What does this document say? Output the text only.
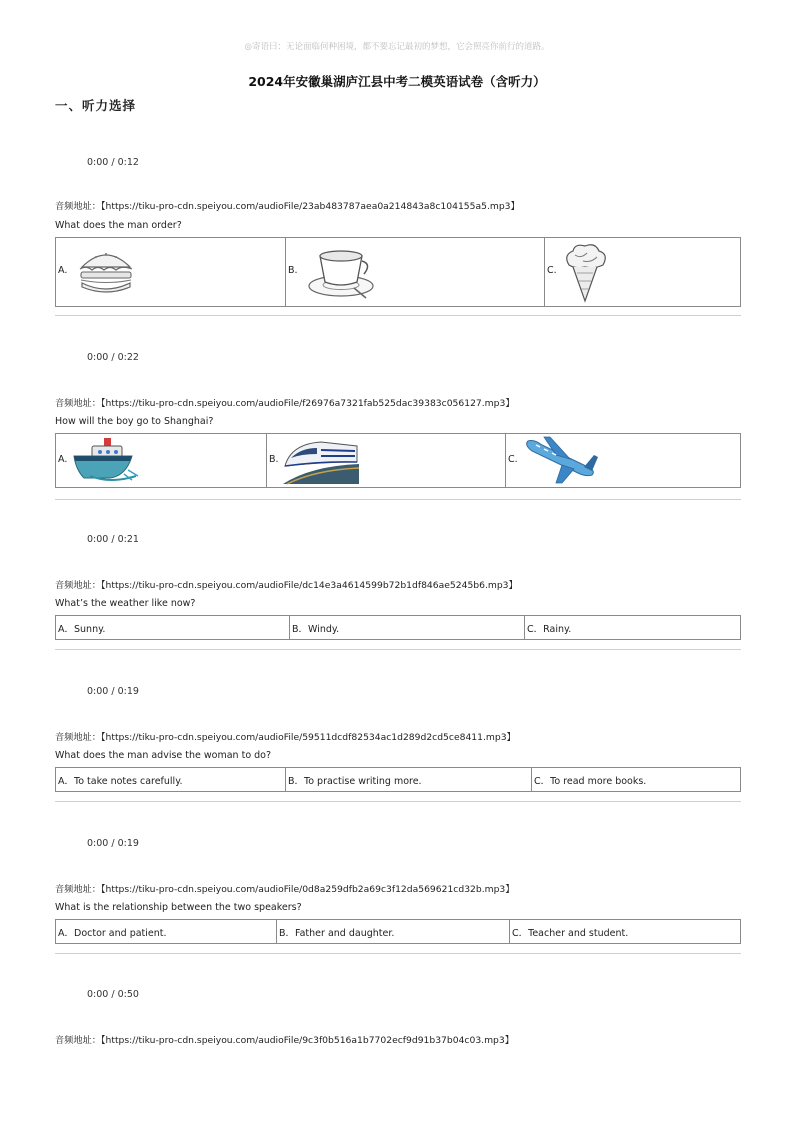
◎寄语曰：无论面临何种困境，都不要忘记最初的梦想，它会照亮你前行的道路。
2024年安徽巢湖庐江县中考二模英语试卷（含听力）
一、听力选择
0:00 / 0:12
音频地址：【https://tiku-pro-cdn.speiyou.com/audioFile/23ab483787aea0a214843a8c104155a5.mp3】
What does the man order?
A.	B.	C.
0:00 / 0:22
音频地址：【https://tiku-pro-cdn.speiyou.com/audioFile/f26976a7321fab525dac39383c056127.mp3】
How will the boy go to Shanghai?
A.	B.	C.
0:00 / 0:21
音频地址：【https://tiku-pro-cdn.speiyou.com/audioFile/dc14e3a4614599b72b1df846ae5245b6.mp3】
What’s the weather like now?
A．Sunny.	B．Windy.	C．Rainy.
0:00 / 0:19
音频地址：【https://tiku-pro-cdn.speiyou.com/audioFile/59511dcdf82534ac1d289d2cd5ce8411.mp3】
What does the man advise the woman to do?
A．To take notes carefully.	B．To practise writing more.	C．To read more books.
0:00 / 0:19
音频地址：【https://tiku-pro-cdn.speiyou.com/audioFile/0d8a259dfb2a69c3f12da569621cd32b.mp3】
What is the relationship between the two speakers?
A．Doctor and patient.	B．Father and daughter.	C．Teacher and student.
0:00 / 0:50
音频地址：【https://tiku-pro-cdn.speiyou.com/audioFile/9c3f0b516a1b7702ecf9d91b37b04c03.mp3】
